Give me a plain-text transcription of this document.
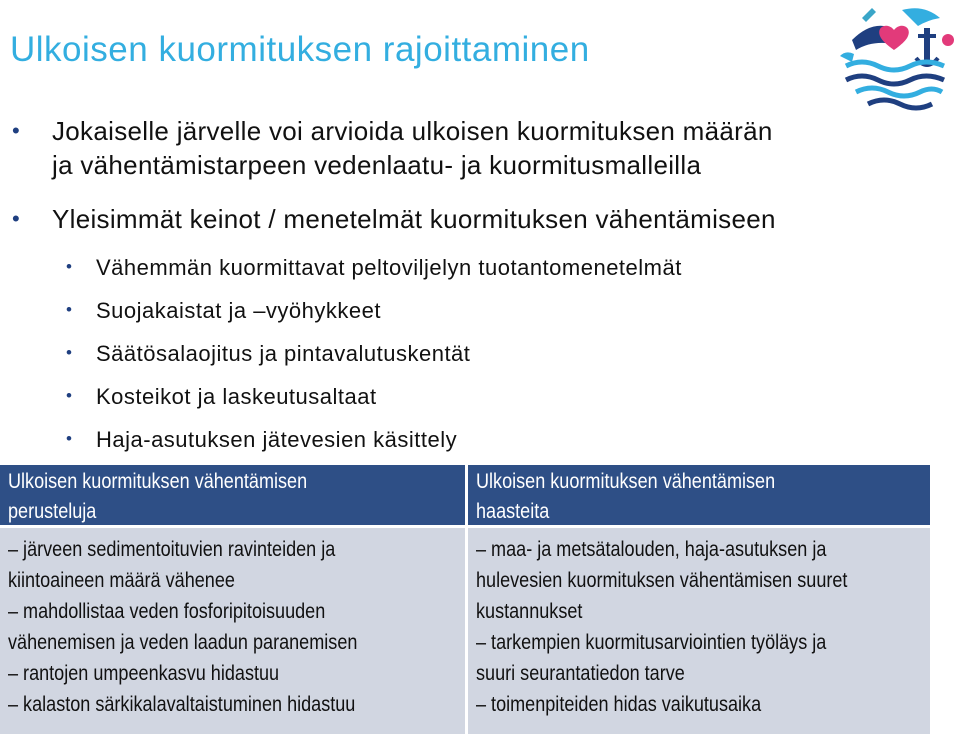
Ulkoisen kuormituksen rajoittaminen
• Jokaiselle järvelle voi arvioida ulkoisen kuormituksen määrän
ja vähentämistarpeen vedenlaatu- ja kuormitusmalleilla
• Yleisimmät keinot / menetelmät kuormituksen vähentämiseen
• Vähemmän kuormittavat peltoviljelyn tuotantomenetelmät
• Suojakaistat ja –vyöhykkeet
• Säätösalaojitus ja pintavalutuskentät
• Kosteikot ja laskeutusaltaat
• Haja-asutuksen jätevesien käsittely
Ulkoisen kuormituksen vähentämisen
perusteluja
– järveen sedimentoituvien ravinteiden ja
kiintoaineen määrä vähenee
– mahdollistaa veden fosforipitoisuuden
vähenemisen ja veden laadun paranemisen
– rantojen umpeenkasvu hidastuu
– kalaston särkikalavaltaistuminen hidastuu
Ulkoisen kuormituksen vähentämisen
haasteita
– maa- ja metsätalouden, haja-asutuksen ja
hulevesien kuormituksen vähentämisen suuret
kustannukset
– tarkempien kuormitusarviointien työläys ja
suuri seurantatiedon tarve
– toimenpiteiden hidas vaikutusaika
